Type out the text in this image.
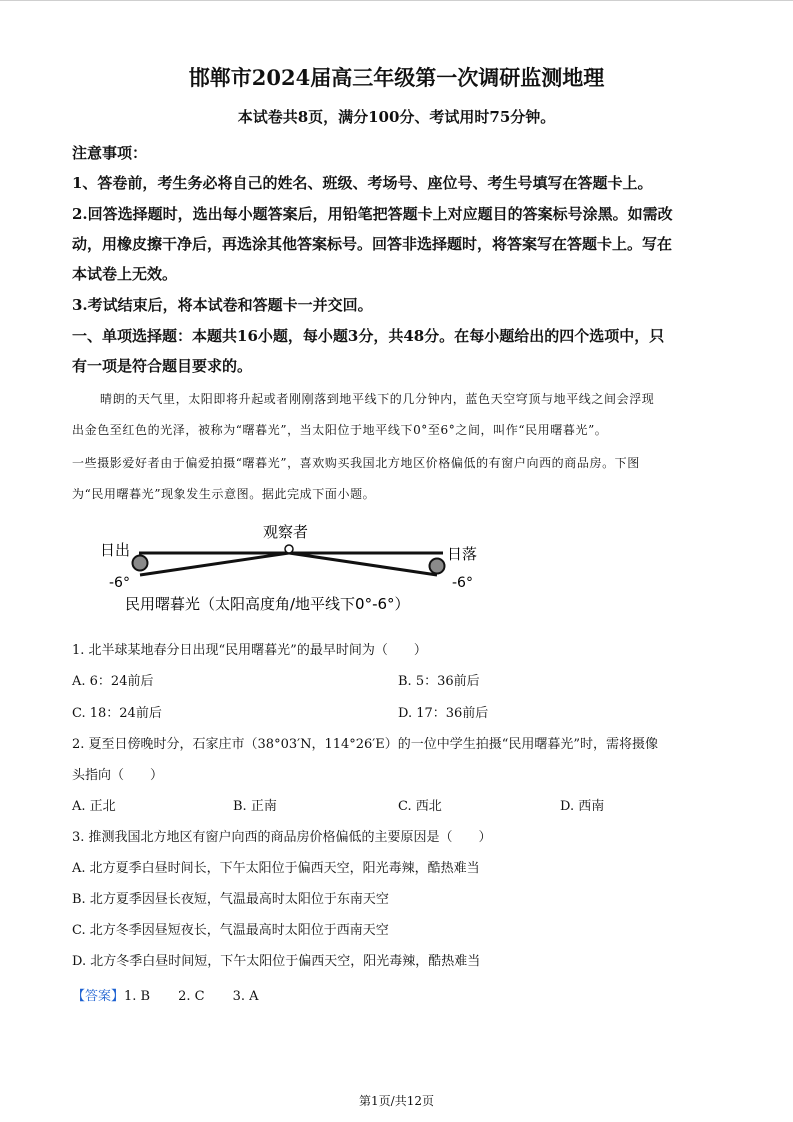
邯郸市2024届高三年级第一次调研监测地理
本试卷共8页，满分100分、考试用时75分钟。
注意事项：
1、答卷前，考生务必将自己的姓名、班级、考场号、座位号、考生号填写在答题卡上。
2.回答选择题时，选出每小题答案后，用铅笔把答题卡上对应题目的答案标号涂黑。如需改
动，用橡皮擦干净后，再选涂其他答案标号。回答非选择题时，将答案写在答题卡上。写在
本试卷上无效。
3.考试结束后，将本试卷和答题卡一并交回。
一、单项选择题：本题共16小题，每小题3分，共48分。在每小题给出的四个选项中，只
有一项是符合题目要求的。
晴朗的天气里，太阳即将升起或者刚刚落到地平线下的几分钟内，蓝色天空穹顶与地平线之间会浮现
出金色至红色的光泽，被称为“曙暮光”，当太阳位于地平线下0°至6°之间，叫作“民用曙暮光”。
一些摄影爱好者由于偏爱拍摄“曙暮光”，喜欢购买我国北方地区价格偏低的有窗户向西的商品房。下图
为“民用曙暮光”现象发生示意图。据此完成下面小题。
观察者
日出	日落
-6°	-6°
民用曙暮光（太阳高度角/地平线下0°-6°）
1. 北半球某地春分日出现“民用曙暮光”的最早时间为（　　）
A. 6：24前后	B. 5：36前后
C. 18：24前后	D. 17：36前后
2. 夏至日傍晚时分，石家庄市（38°03′N，114°26′E）的一位中学生拍摄“民用曙暮光”时，需将摄像
头指向（　　）
A. 正北	B. 正南	C. 西北	D. 西南
3. 推测我国北方地区有窗户向西的商品房价格偏低的主要原因是（　　）
A. 北方夏季白昼时间长，下午太阳位于偏西天空，阳光毒辣，酷热难当
B. 北方夏季因昼长夜短，气温最高时太阳位于东南天空
C. 北方冬季因昼短夜长，气温最高时太阳位于西南天空
D. 北方冬季白昼时间短，下午太阳位于偏西天空，阳光毒辣，酷热难当
【答案】1. B 2. C 3. A
第1页/共12页
